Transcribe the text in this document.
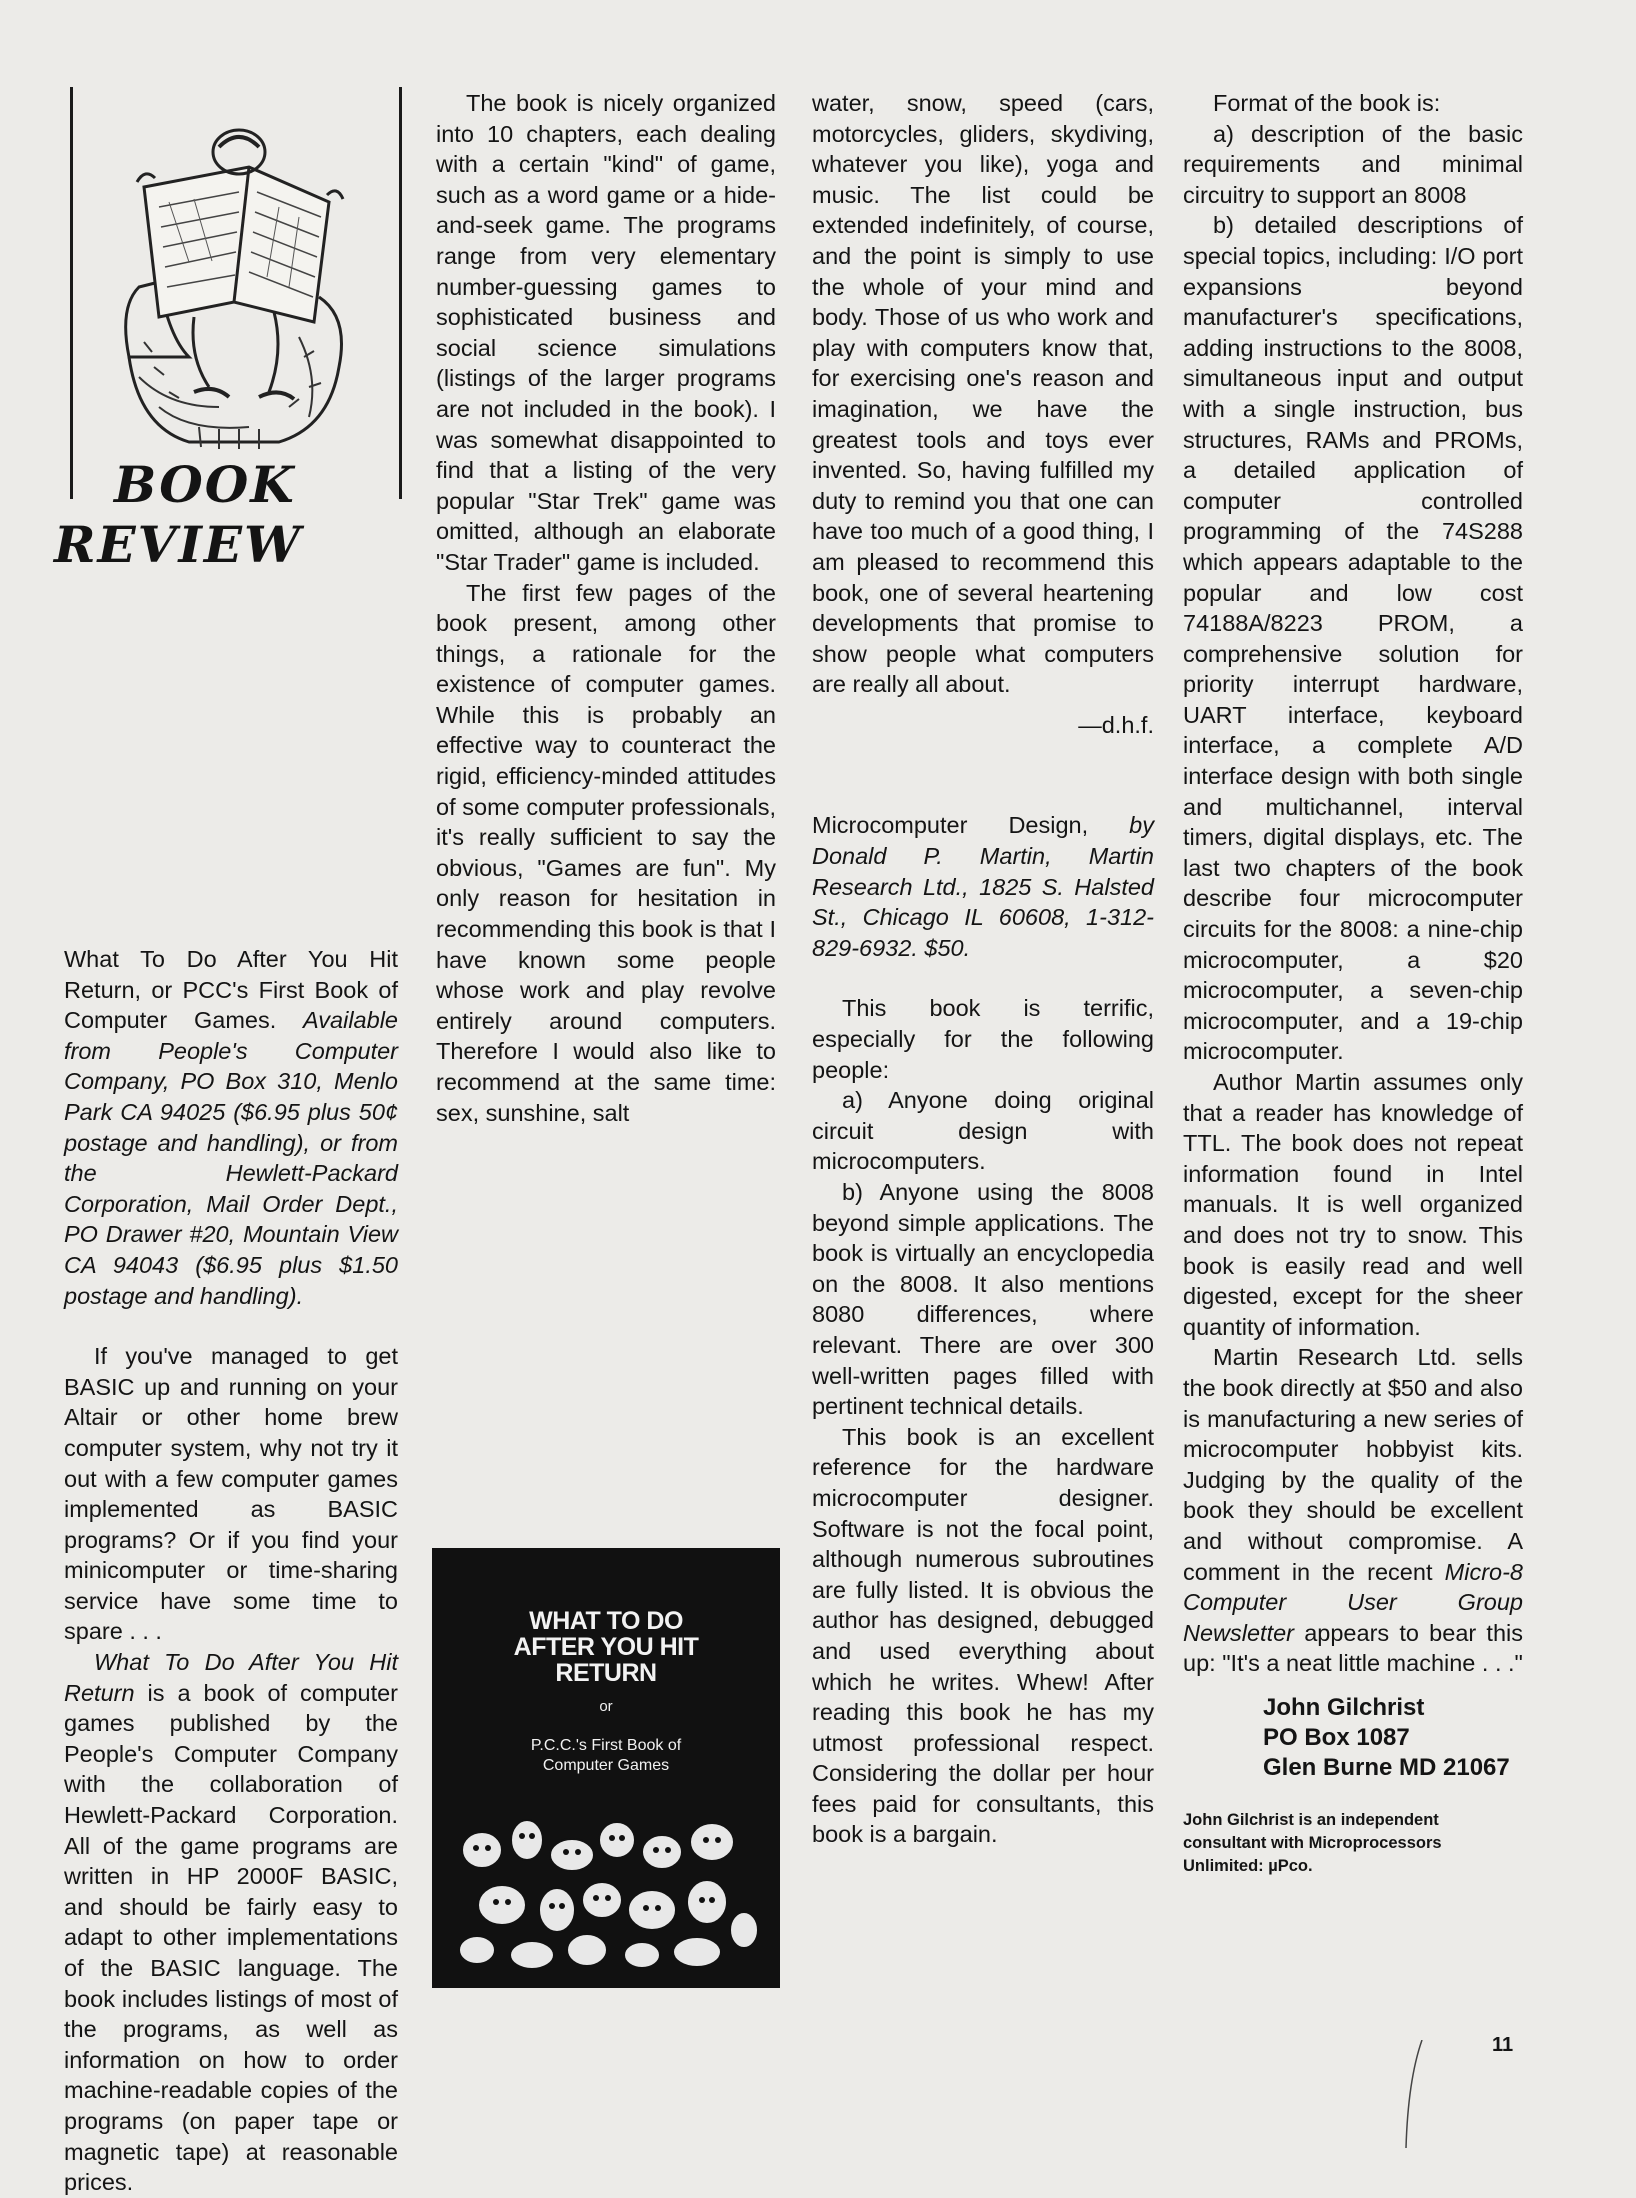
BOOK
REVIEW

What To Do After You Hit Return, or PCC's First Book of Computer Games. Available from People's Computer Company, PO Box 310, Menlo Park CA 94025 ($6.95 plus 50¢ postage and handling), or from the Hewlett-Packard Corporation, Mail Order Dept., PO Drawer #20, Mountain View CA 94043 ($6.95 plus $1.50 postage and handling).

If you've managed to get BASIC up and running on your Altair or other home brew computer system, why not try it out with a few computer games implemented as BASIC programs? Or if you find your minicomputer or time-sharing service have some time to spare . . .

What To Do After You Hit Return is a book of computer games published by the People's Computer Company with the collaboration of Hewlett-Packard Corporation. All of the game programs are written in HP 2000F BASIC, and should be fairly easy to adapt to other implementations of the BASIC language. The book includes listings of most of the programs, as well as information on how to order machine-readable copies of the programs (on paper tape or magnetic tape) at reasonable prices.

The book is nicely organized into 10 chapters, each dealing with a certain "kind" of game, such as a word game or a hide-and-seek game. The programs range from very elementary number-guessing games to sophisticated business and social science simulations (listings of the larger programs are not included in the book). I was somewhat disappointed to find that a listing of the very popular "Star Trek" game was omitted, although an elaborate "Star Trader" game is included.

The first few pages of the book present, among other things, a rationale for the existence of computer games. While this is probably an effective way to counteract the rigid, efficiency-minded attitudes of some computer professionals, it's really sufficient to say the obvious, "Games are fun". My only reason for hesitation in recommending this book is that I have known some people whose work and play revolve entirely around computers. Therefore I would also like to recommend at the same time: sex, sunshine, salt

WHAT TO DO
AFTER YOU HIT
RETURN
or
P.C.C.'s First Book of
Computer Games

water, snow, speed (cars, motorcycles, gliders, skydiving, whatever you like), yoga and music. The list could be extended indefinitely, of course, and the point is simply to use the whole of your mind and body. Those of us who work and play with computers know that, for exercising one's reason and imagination, we have the greatest tools and toys ever invented. So, having fulfilled my duty to remind you that one can have too much of a good thing, I am pleased to recommend this book, one of several heartening developments that promise to show people what computers are really all about.

—d.h.f.

Microcomputer Design, by Donald P. Martin, Martin Research Ltd., 1825 S. Halsted St., Chicago IL 60608, 1-312-829-6932. $50.

This book is terrific, especially for the following people:

a) Anyone doing original circuit design with microcomputers.

b) Anyone using the 8008 beyond simple applications. The book is virtually an encyclopedia on the 8008. It also mentions 8080 differences, where relevant. There are over 300 well-written pages filled with pertinent technical details.

This book is an excellent reference for the hardware microcomputer designer. Software is not the focal point, although numerous subroutines are fully listed. It is obvious the author has designed, debugged and used everything about which he writes. Whew! After reading this book he has my utmost professional respect. Considering the dollar per hour fees paid for consultants, this book is a bargain.

Format of the book is:

a) description of the basic requirements and minimal circuitry to support an 8008

b) detailed descriptions of special topics, including: I/O port expansions beyond manufacturer's specifications, adding instructions to the 8008, simultaneous input and output with a single instruction, bus structures, RAMs and PROMs, a detailed application of computer controlled programming of the 74S288 which appears adaptable to the popular and low cost 74188A/8223 PROM, a comprehensive solution for priority interrupt hardware, UART interface, keyboard interface, a complete A/D interface design with both single and multichannel, interval timers, digital displays, etc. The last two chapters of the book describe four microcomputer circuits for the 8008: a nine-chip microcomputer, a $20 microcomputer, a seven-chip microcomputer, and a 19-chip microcomputer.

Author Martin assumes only that a reader has knowledge of TTL. The book does not repeat information found in Intel manuals. It is well organized and does not try to snow. This book is easily read and well digested, except for the sheer quantity of information.

Martin Research Ltd. sells the book directly at $50 and also is manufacturing a new series of microcomputer hobbyist kits. Judging by the quality of the book they should be excellent and without compromise. A comment in the recent Micro-8 Computer User Group Newsletter appears to bear this up: "It's a neat little machine . . ."

John Gilchrist
PO Box 1087
Glen Burne MD 21067
John Gilchrist is an independent consultant with Microprocessors Unlimited: µPco.
11
